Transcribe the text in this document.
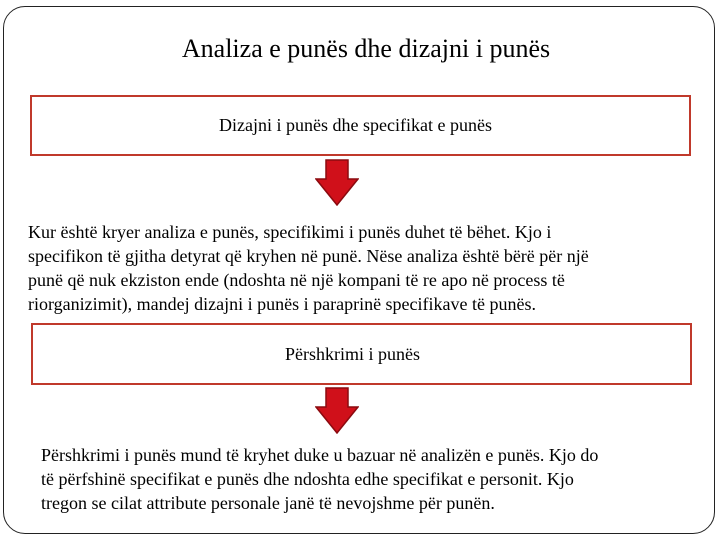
Analiza e punës dhe dizajni i punës
Dizajni i punës dhe specifikat e punës
Kur është kryer analiza e punës, specifikimi i punës duhet të bëhet. Kjo i
specifikon të gjitha detyrat që kryhen në punë. Nëse analiza është bërë për një
punë që nuk ekziston ende (ndoshta në një kompani të re apo në process të
riorganizimit), mandej dizajni i punës i paraprinë specifikave të punës.
Përshkrimi i punës
Përshkrimi i punës mund të kryhet duke u bazuar në analizën e punës. Kjo do
të përfshinë specifikat e punës dhe ndoshta edhe specifikat e personit. Kjo
tregon se cilat attribute personale janë të nevojshme për punën.
